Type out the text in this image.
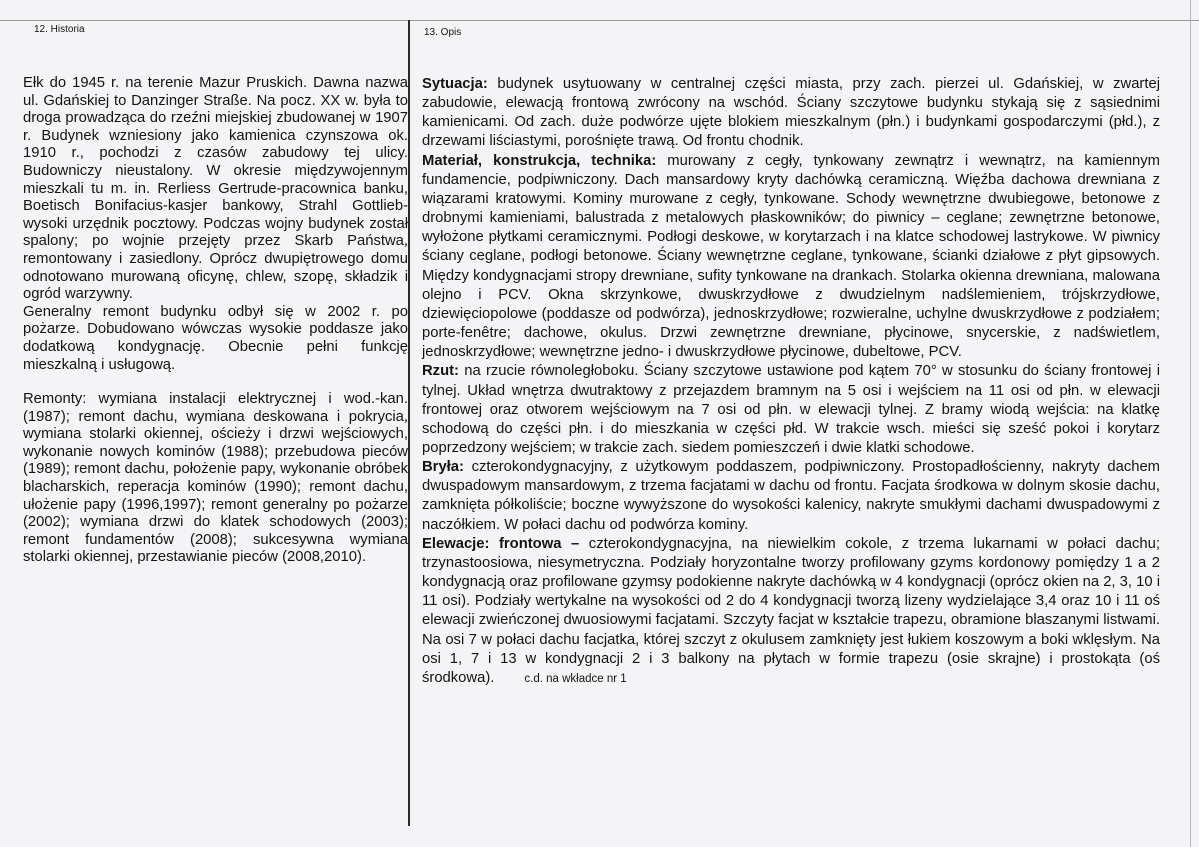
12. Historia	13. Opis

Ełk do 1945 r. na terenie Mazur Pruskich. Dawna nazwa ul. Gdańskiej to Danzinger Straße. Na pocz. XX w. była to droga prowadząca do rzeźni miejskiej zbudowanej w 1907 r. Budynek wzniesiony jako kamienica czynszowa ok. 1910 r., pochodzi z czasów zabudowy tej ulicy. Budowniczy nieustalony. W okresie międzywojennym mieszkali tu m. in. Rerliess Gertrude-pracownica banku, Boetisch Bonifacius-kasjer bankowy, Strahl Gottlieb-wysoki urzędnik pocztowy. Podczas wojny budynek został spalony; po wojnie przejęty przez Skarb Państwa, remontowany i zasiedlony. Oprócz dwupiętrowego domu odnotowano murowaną oficynę, chlew, szopę, składzik i ogród warzywny.

Generalny remont budynku odbył się w 2002 r. po pożarze. Dobudowano wówczas wysokie poddasze jako dodatkową kondygnację. Obecnie pełni funkcję mieszkalną i usługową.

Remonty: wymiana instalacji elektrycznej i wod.-kan. (1987); remont dachu, wymiana deskowana i pokrycia, wymiana stolarki okiennej, ościeży i drzwi wejściowych, wykonanie nowych kominów (1988); przebudowa pieców (1989); remont dachu, położenie papy, wykonanie obróbek blacharskich, reperacja kominów (1990); remont dachu, ułożenie papy (1996,1997); remont generalny po pożarze (2002); wymiana drzwi do klatek schodowych (2003); remont fundamentów (2008); sukcesywna wymiana stolarki okiennej, przestawianie pieców (2008,2010).

Sytuacja: budynek usytuowany w centralnej części miasta, przy zach. pierzei ul. Gdańskiej, w zwartej zabudowie, elewacją frontową zwrócony na wschód. Ściany szczytowe budynku stykają się z sąsiednimi kamienicami. Od zach. duże podwórze ujęte blokiem mieszkalnym (płn.) i budynkami gospodarczymi (płd.), z drzewami liściastymi, porośnięte trawą. Od frontu chodnik.

Materiał, konstrukcja, technika: murowany z cegły, tynkowany zewnątrz i wewnątrz, na kamiennym fundamencie, podpiwniczony. Dach mansardowy kryty dachówką ceramiczną. Więźba dachowa drewniana z wiązarami kratowymi. Kominy murowane z cegły, tynkowane. Schody wewnętrzne dwubiegowe, betonowe z drobnymi kamieniami, balustrada z metalowych płaskowników; do piwnicy – ceglane; zewnętrzne betonowe, wyłożone płytkami ceramicznymi. Podłogi deskowe, w korytarzach i na klatce schodowej lastrykowe. W piwnicy ściany ceglane, podłogi betonowe. Ściany wewnętrzne ceglane, tynkowane, ścianki działowe z płyt gipsowych. Między kondygnacjami stropy drewniane, sufity tynkowane na drankach. Stolarka okienna drewniana, malowana olejno i PCV. Okna skrzynkowe, dwuskrzydłowe z dwudzielnym nadślemieniem, trójskrzydłowe, dziewięciopolowe (poddasze od podwórza), jednoskrzydłowe; rozwieralne, uchylne dwuskrzydłowe z podziałem; porte-fenêtre; dachowe, okulus. Drzwi zewnętrzne drewniane, płycinowe, snycerskie, z nadświetlem, jednoskrzydłowe; wewnętrzne jedno- i dwuskrzydłowe płycinowe, dubeltowe, PCV.

Rzut: na rzucie równoległoboku. Ściany szczytowe ustawione pod kątem 70° w stosunku do ściany frontowej i tylnej. Układ wnętrza dwutraktowy z przejazdem bramnym na 5 osi i wejściem na 11 osi od płn. w elewacji frontowej oraz otworem wejściowym na 7 osi od płn. w elewacji tylnej. Z bramy wiodą wejścia: na klatkę schodową do części płn. i do mieszkania w części płd. W trakcie wsch. mieści się sześć pokoi i korytarz poprzedzony wejściem; w trakcie zach. siedem pomieszczeń i dwie klatki schodowe.

Bryła: czterokondygnacyjny, z użytkowym poddaszem, podpiwniczony. Prostopadłościenny, nakryty dachem dwuspadowym mansardowym, z trzema facjatami w dachu od frontu. Facjata środkowa w dolnym skosie dachu, zamknięta półkoliście; boczne wywyższone do wysokości kalenicy, nakryte smukłymi dachami dwuspadowymi z naczółkiem. W połaci dachu od podwórza kominy.

Elewacje: frontowa – czterokondygnacyjna, na niewielkim cokole, z trzema lukarnami w połaci dachu; trzynastoosiowa, niesymetryczna. Podziały horyzontalne tworzy profilowany gzyms kordonowy pomiędzy 1 a 2 kondygnacją oraz profilowane gzymsy podokienne nakryte dachówką w 4 kondygnacji (oprócz okien na 2, 3, 10 i 11 osi). Podziały wertykalne na wysokości od 2 do 4 kondygnacji tworzą lizeny wydzielające 3,4 oraz 10 i 11 oś elewacji zwieńczonej dwuosiowymi facjatami. Szczyty facjat w kształcie trapezu, obramione blaszanymi listwami. Na osi 7 w połaci dachu facjatka, której szczyt z okulusem zamknięty jest łukiem koszowym a boki wklęsłym. Na osi 1, 7 i 13 w kondygnacji 2 i 3 balkony na płytach w formie trapezu (osie skrajne) i prostokąta (oś środkowa).	c.d. na wkładce nr 1
